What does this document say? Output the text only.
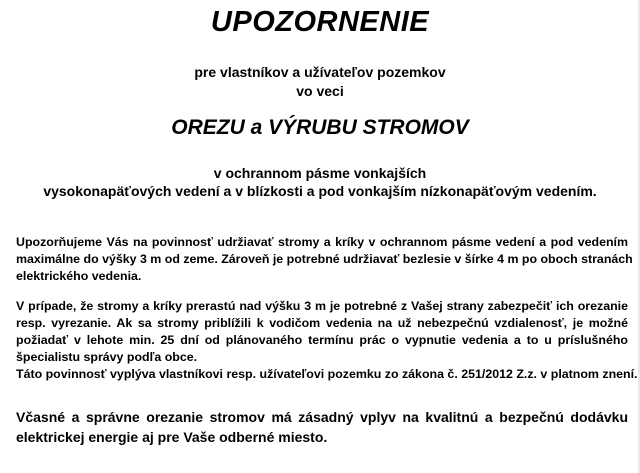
UPOZORNENIE
pre vlastníkov a užívateľov pozemkov
vo veci
OREZU a VÝRUBU STROMOV
v ochrannom pásme vonkajších
vysokonapäťových vedení a v blízkosti a pod vonkajším nízkonapäťovým vedením.
Upozorňujeme Vás na povinnosť udržiavať stromy a kríky v ochrannom pásme vedení a pod vedením
maximálne do výšky 3 m od zeme. Zároveň je potrebné udržiavať bezlesie v šírke 4 m po oboch stranách
elektrického vedenia.
V prípade, že stromy a kríky prerastú nad výšku 3 m je potrebné z Vašej strany zabezpečiť ich orezanie
resp. vyrezanie. Ak sa stromy priblížili k vodičom vedenia na už nebezpečnú vzdialenosť, je možné
požiadať v lehote min. 25 dní od plánovaného termínu prác o vypnutie vedenia a to u príslušného
špecialistu správy podľa obce.
Táto povinnosť vyplýva vlastníkovi resp. užívateľovi pozemku zo zákona č. 251/2012 Z.z. v platnom znení.
Včasné a správne orezanie stromov má zásadný vplyv na kvalitnú a bezpečnú dodávku
elektrickej energie aj pre Vaše odberné miesto.
